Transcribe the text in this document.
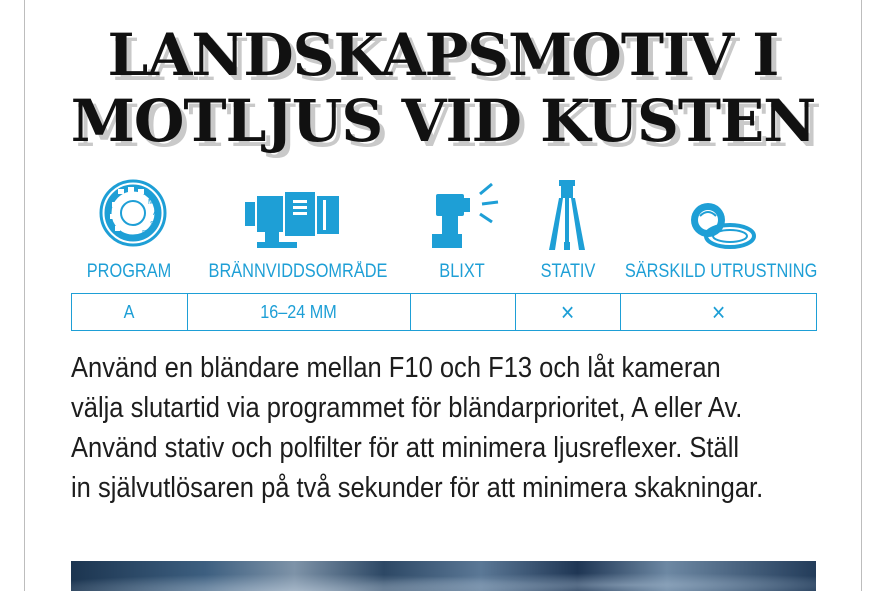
LANDSKAPSMOTIV I
MOTLJUS VID KUSTEN
M
A
S
P
PROGRAM	BRÄNNVIDDSOMRÅDE	BLIXT	STATIV	SÄRSKILD UTRUSTNING
A	16–24 MM		×	×
Använd en bländare mellan F10 och F13 och låt kameran
välja slutartid via programmet för bländarprioritet, A eller Av.
Använd stativ och polfilter för att minimera ljusreflexer. Ställ
in självutlösaren på två sekunder för att minimera skakningar.
